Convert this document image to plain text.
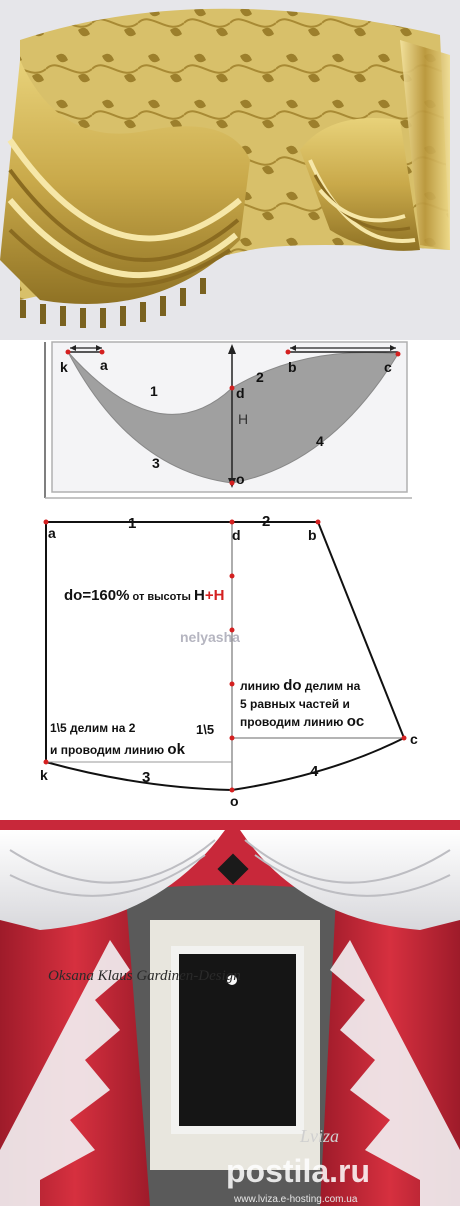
k a
d
b	c
o
1
2
3
4
H
a	d	b
c
k
o
1	2
3	4
do=160% от высоты H+H
nelyasha
линию do делим на
5 равных частей и
проводим линию oc
1\5 делим на 2
и проводим линию ok
1\5
Oksana Klaus Gardinen-Design
Lviza
postila.ru
www.lviza.e-hosting.com.ua
